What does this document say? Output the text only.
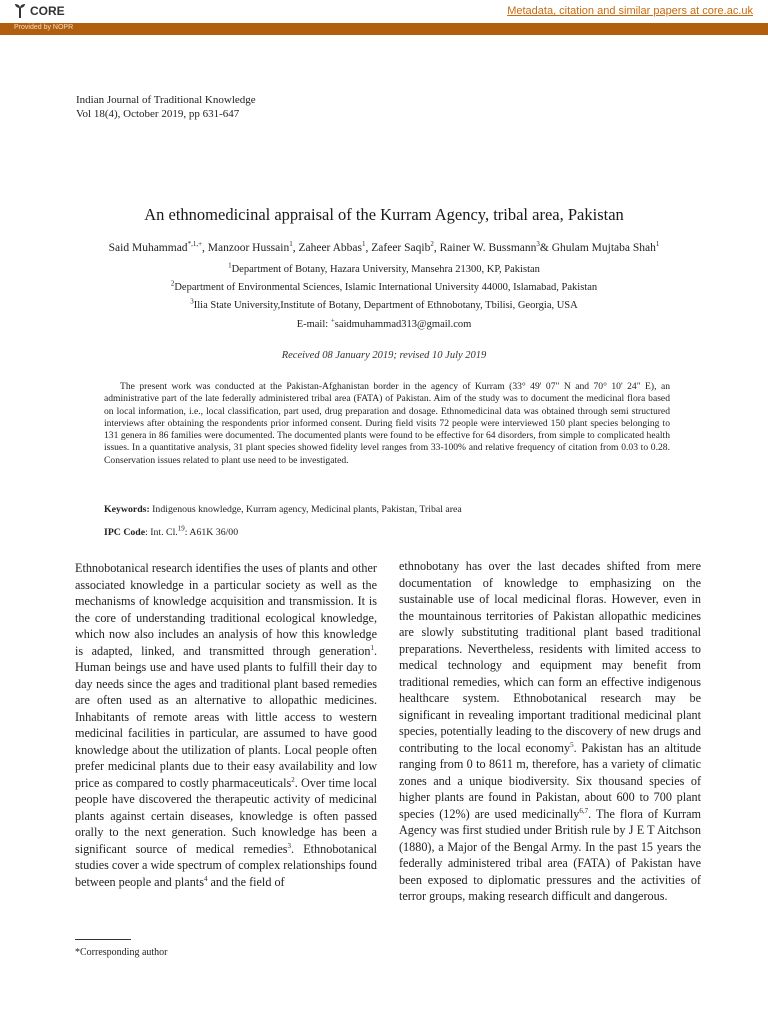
CORE	Metadata, citation and similar papers at core.ac.uk
Provided by NOPR
Indian Journal of Traditional Knowledge
Vol 18(4), October 2019, pp 631-647
An ethnomedicinal appraisal of the Kurram Agency, tribal area, Pakistan
Said Muhammad$^{*,1,+}$, Manzoor Hussain$^1$, Zaheer Abbas$^1$, Zafeer Saqib$^2$, Rainer W. Bussmann$^3$& Ghulam Mujtaba Shah$^1$
$^1$Department of Botany, Hazara University, Mansehra 21300, KP, Pakistan
$^2$Department of Environmental Sciences, Islamic International University 44000, Islamabad, Pakistan
$^3$Ilia State University,Institute of Botany, Department of Ethnobotany, Tbilisi, Georgia, USA
E-mail: +saidmuhammad313@gmail.com
Received 08 January 2019; revised 10 July 2019

The present work was conducted at the Pakistan-Afghanistan border in the agency of Kurram (33° 49' 07" N and 70° 10' 24" E), an administrative part of the late federally administered tribal area (FATA) of Pakistan. Aim of the study was to document the medicinal flora based on local information, i.e., local classification, part used, drug preparation and dosage. Ethnomedicinal data was obtained through semi structured interviews after obtaining the respondents prior informed consent. During field visits 72 people were interviewed 150 plant species belonging to 131 genera in 86 families were documented. The documented plants were found to be effective for 64 disorders, from simple to complicated health issues. In a quantitative analysis, 31 plant species showed fidelity level ranges from 33-100% and relative frequency of citation from 0.03 to 0.28. Conservation issues related to plant use need to be investigated.

Keywords: Indigenous knowledge, Kurram agency, Medicinal plants, Pakistan, Tribal area
IPC Code: Int. Cl.$^{19}$: A61K 36/00

Ethnobotanical research identifies the uses of plants and other associated knowledge in a particular society as well as the mechanisms of knowledge acquisition and transmission. It is the core of understanding traditional ecological knowledge, which now also includes an analysis of how this knowledge is adapted, linked, and transmitted through generation$^1$. Human beings use and have used plants to fulfill their day to day needs since the ages and traditional plant based remedies are often used as an alternative to allopathic medicines. Inhabitants of remote areas with little access to western medicinal facilities in particular, are assumed to have good knowledge about the utilization of plants. Local people often prefer medicinal plants due to their easy availability and low price as compared to costly pharmaceuticals$^2$. Over time local people have discovered the therapeutic activity of medicinal plants against certain diseases, knowledge is often passed orally to the next generation. Such knowledge has been a significant source of medical remedies$^3$. Ethnobotanical studies cover a wide spectrum of complex relationships found between people and plants$^4$ and the field of

ethnobotany has over the last decades shifted from mere documentation of knowledge to emphasizing on the sustainable use of local medicinal floras. However, even in the mountainous territories of Pakistan allopathic medicines are slowly substituting traditional plant based traditional preparations. Nevertheless, residents with limited access to medical technology and equipment may benefit from traditional remedies, which can form an effective indigenous healthcare system. Ethnobotanical research may be significant in revealing important traditional medicinal plant species, potentially leading to the discovery of new drugs and contributing to the local economy$^5$. Pakistan has an altitude ranging from 0 to 8611 m, therefore, has a variety of climatic zones and a unique biodiversity. Six thousand species of higher plants are found in Pakistan, about 600 to 700 plant species (12%) are used medicinally$^{6,7}$. The flora of Kurram Agency was first studied under British rule by J E T Aitchson (1880), a Major of the Bengal Army. In the past 15 years the federally administered tribal area (FATA) of Pakistan have been exposed to diplomatic pressures and the activities of terror groups, making research difficult and dangerous.

*Corresponding author
